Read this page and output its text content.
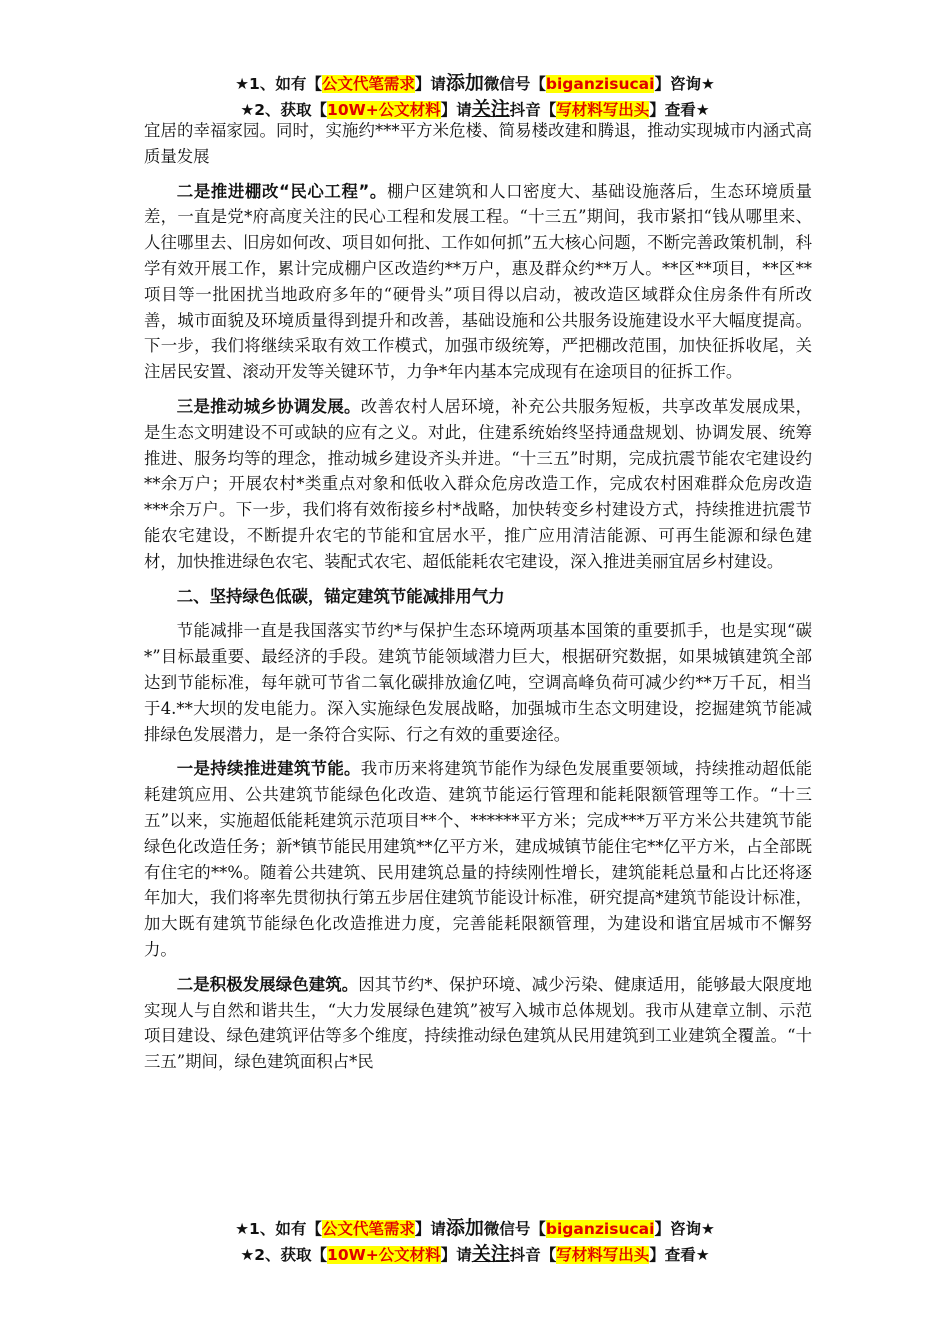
★1、如有【公文代笔需求】请添加微信号【biganzisucai】咨询★
★2、获取【10W+公文材料】请关注抖音【写材料写出头】查看★

宜居的幸福家园。同时，实施约***平方米危楼、简易楼改建和腾退，推动实现城市内涵式高质量发展

二是推进棚改“民心工程”。棚户区建筑和人口密度大、基础设施落后，生态环境质量差，一直是党*府高度关注的民心工程和发展工程。“十三五”期间，我市紧扣“钱从哪里来、人往哪里去、旧房如何改、项目如何批、工作如何抓”五大核心问题，不断完善政策机制，科学有效开展工作，累计完成棚户区改造约**万户，惠及群众约**万人。**区**项目，**区**项目等一批困扰当地政府多年的“硬骨头”项目得以启动，被改造区域群众住房条件有所改善，城市面貌及环境质量得到提升和改善，基础设施和公共服务设施建设水平大幅度提高。下一步，我们将继续采取有效工作模式，加强市级统筹，严把棚改范围，加快征拆收尾，关注居民安置、滚动开发等关键环节，力争*年内基本完成现有在途项目的征拆工作。

三是推动城乡协调发展。改善农村人居环境，补充公共服务短板，共享改革发展成果，是生态文明建设不可或缺的应有之义。对此，住建系统始终坚持通盘规划、协调发展、统筹推进、服务均等的理念，推动城乡建设齐头并进。“十三五”时期，完成抗震节能农宅建设约**余万户；开展农村*类重点对象和低收入群众危房改造工作，完成农村困难群众危房改造***余万户。下一步，我们将有效衔接乡村*战略，加快转变乡村建设方式，持续推进抗震节能农宅建设，不断提升农宅的节能和宜居水平，推广应用清洁能源、可再生能源和绿色建材，加快推进绿色农宅、装配式农宅、超低能耗农宅建设，深入推进美丽宜居乡村建设。

二、坚持绿色低碳，锚定建筑节能减排用气力

节能减排一直是我国落实节约*与保护生态环境两项基本国策的重要抓手，也是实现“碳*”目标最重要、最经济的手段。建筑节能领域潜力巨大，根据研究数据，如果城镇建筑全部达到节能标准，每年就可节省二氧化碳排放逾亿吨，空调高峰负荷可减少约**万千瓦，相当于4.**大坝的发电能力。深入实施绿色发展战略，加强城市生态文明建设，挖掘建筑节能减排绿色发展潜力，是一条符合实际、行之有效的重要途径。

一是持续推进建筑节能。我市历来将建筑节能作为绿色发展重要领域，持续推动超低能耗建筑应用、公共建筑节能绿色化改造、建筑节能运行管理和能耗限额管理等工作。“十三五”以来，实施超低能耗建筑示范项目**个、******平方米；完成***万平方米公共建筑节能绿色化改造任务；新*镇节能民用建筑**亿平方米，建成城镇节能住宅**亿平方米，占全部既有住宅的**%。随着公共建筑、民用建筑总量的持续刚性增长，建筑能耗总量和占比还将逐年加大，我们将率先贯彻执行第五步居住建筑节能设计标准，研究提高*建筑节能设计标准，加大既有建筑节能绿色化改造推进力度，完善能耗限额管理，为建设和谐宜居城市不懈努力。

二是积极发展绿色建筑。因其节约*、保护环境、减少污染、健康适用，能够最大限度地实现人与自然和谐共生，“大力发展绿色建筑”被写入城市总体规划。我市从建章立制、示范项目建设、绿色建筑评估等多个维度，持续推动绿色建筑从民用建筑到工业建筑全覆盖。“十三五”期间，绿色建筑面积占*民

★1、如有【公文代笔需求】请添加微信号【biganzisucai】咨询★
★2、获取【10W+公文材料】请关注抖音【写材料写出头】查看★
